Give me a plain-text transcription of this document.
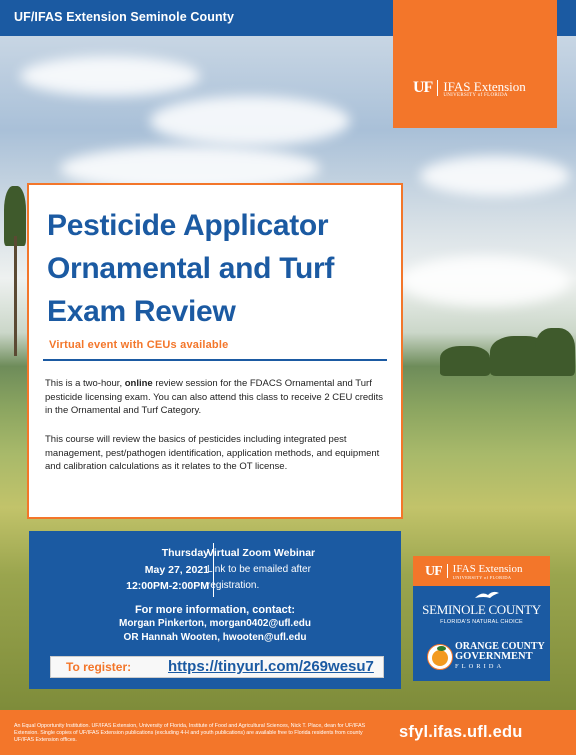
UF/IFAS Extension Seminole County
UF IFAS Extension
UNIVERSITY of FLORIDA
Pesticide Applicator
Ornamental and Turf
Exam Review
Virtual event with CEUs available
This is a two-hour, online review session for the FDACS Ornamental and Turf pesticide licensing exam. You can also attend this class to receive 2 CEU credits in the Ornamental and Turf Category.
This course will review the basics of pesticides including integrated pest management, pest/pathogen identification, application methods, and equipment and calibration calculations as it relates to the OT license.
Thursday
May 27, 2021
12:00PM-2:00PM
Virtual Zoom Webinar
Link to be emailed after
registration.
For more information, contact:
Morgan Pinkerton, morgan0402@ufl.edu
OR Hannah Wooten, hwooten@ufl.edu
To register: https://tinyurl.com/269wesu7
UF IFAS Extension
UNIVERSITY of FLORIDA
SEMINOLE COUNTY
FLORIDA'S NATURAL CHOICE
ORANGE COUNTY
GOVERNMENT
FLORIDA
An Equal Opportunity Institution. UF/IFAS Extension, University of Florida, Institute of Food and Agricultural Sciences, Nick T. Place, dean for UF/IFAS Extension. Single copies of UF/IFAS Extension publications (excluding 4-H and youth publications) are available free to Florida residents from county UF/IFAS Extension offices.	sfyl.ifas.ufl.edu
